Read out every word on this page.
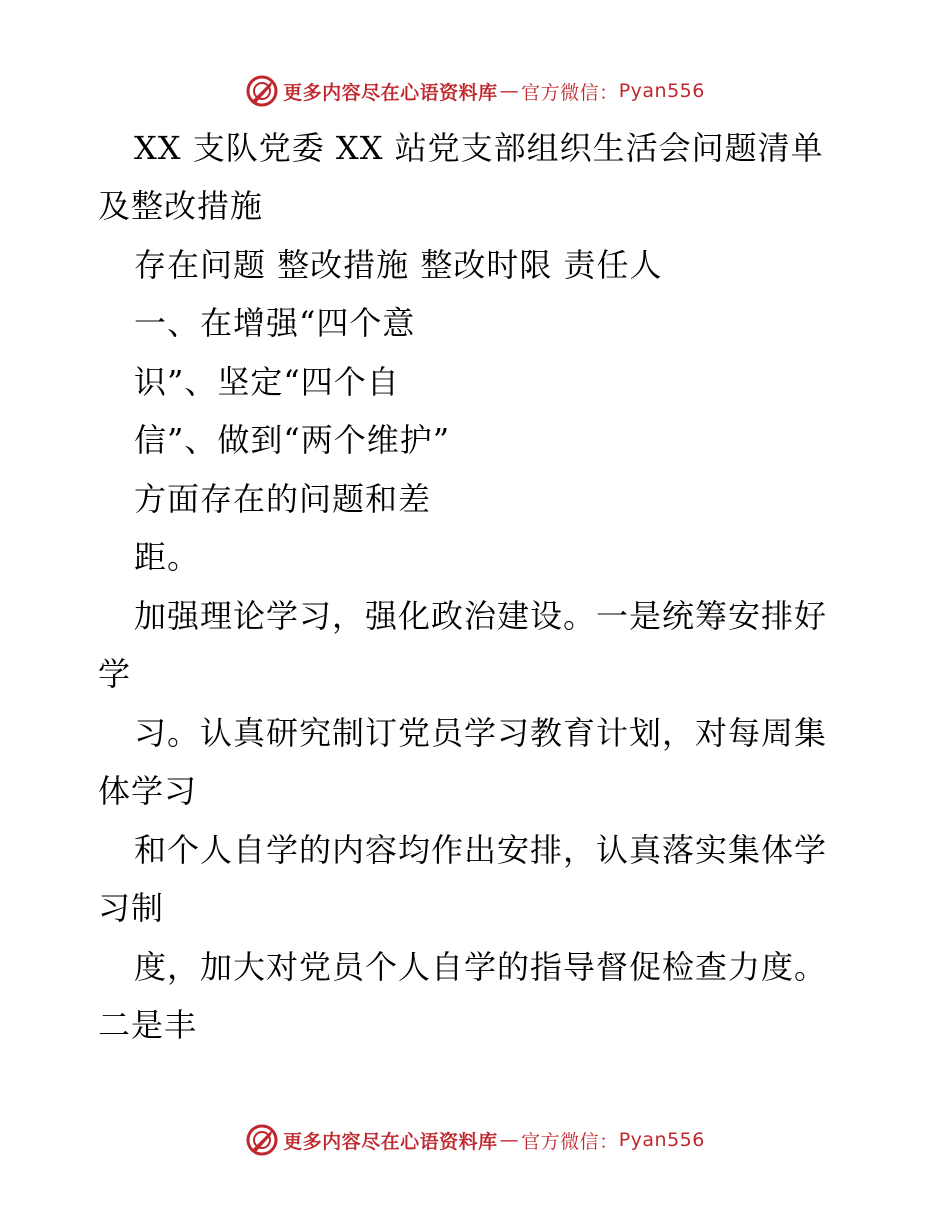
更多内容尽在心语资料库 — 官方微信： Pyan556
XX 支队党委 XX 站党支部组织生活会问题清单
及整改措施
存在问题 整改措施 整改时限 责任人
一、在增强“四个意
识”、坚定“四个自
信”、做到“两个维护”
方面存在的问题和差
距。
加强理论学习，强化政治建设。一是统筹安排好
学
习。认真研究制订党员学习教育计划，对每周集
体学习
和个人自学的内容均作出安排，认真落实集体学
习制
度，加大对党员个人自学的指导督促检查力度。
二是丰
更多内容尽在心语资料库 — 官方微信： Pyan556
